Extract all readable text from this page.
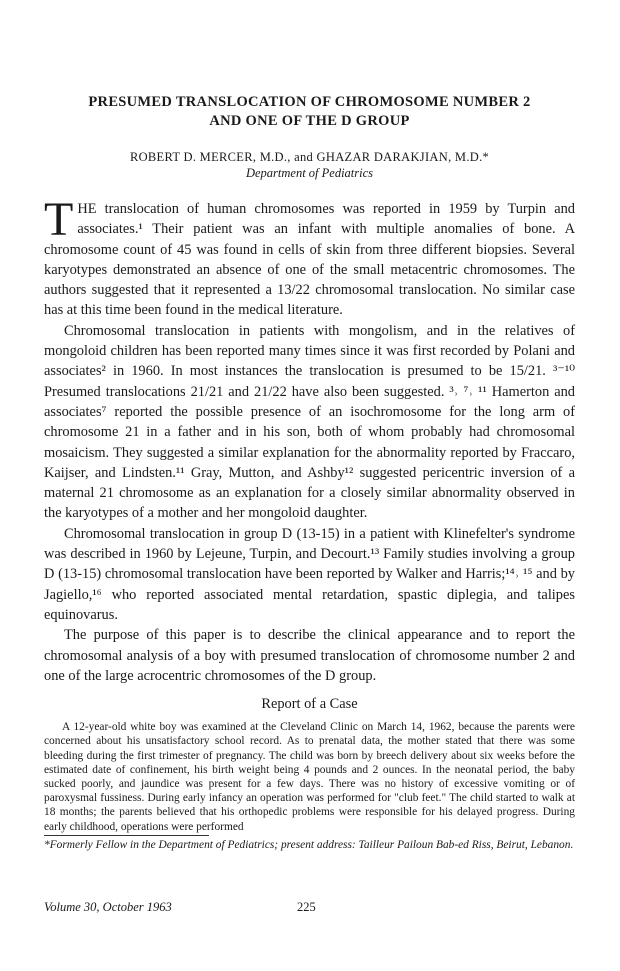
PRESUMED TRANSLOCATION OF CHROMOSOME NUMBER 2
AND ONE OF THE D GROUP
ROBERT D. MERCER, M.D., and GHAZAR DARAKJIAN, M.D.*
Department of Pediatrics

THE translocation of human chromosomes was reported in 1959 by Turpin and associates.¹ Their patient was an infant with multiple anomalies of bone. A chromosome count of 45 was found in cells of skin from three different biopsies. Several karyotypes demonstrated an absence of one of the small metacentric chromosomes. The authors suggested that it represented a 13/22 chromosomal translocation. No similar case has at this time been found in the medical literature.

Chromosomal translocation in patients with mongolism, and in the relatives of mongoloid children has been reported many times since it was first recorded by Polani and associates² in 1960. In most instances the translocation is presumed to be 15/21. ³⁻¹⁰ Presumed translocations 21/21 and 21/22 have also been suggested. ³˒ ⁷˒ ¹¹ Hamerton and associates⁷ reported the possible presence of an isochromosome for the long arm of chromosome 21 in a father and in his son, both of whom probably had chromosomal mosaicism. They suggested a similar explanation for the abnormality reported by Fraccaro, Kaijser, and Lindsten.¹¹ Gray, Mutton, and Ashby¹² suggested pericentric inversion of a maternal 21 chromosome as an explanation for a closely similar abnormality observed in the karyotypes of a mother and her mongoloid daughter.

Chromosomal translocation in group D (13-15) in a patient with Klinefelter's syndrome was described in 1960 by Lejeune, Turpin, and Decourt.¹³ Family studies involving a group D (13-15) chromosomal translocation have been reported by Walker and Harris;¹⁴˒ ¹⁵ and by Jagiello,¹⁶ who reported associated mental retardation, spastic diplegia, and talipes equinovarus.

The purpose of this paper is to describe the clinical appearance and to report the chromosomal analysis of a boy with presumed translocation of chromosome number 2 and one of the large acrocentric chromosomes of the D group.

Report of a Case

A 12-year-old white boy was examined at the Cleveland Clinic on March 14, 1962, because the parents were concerned about his unsatisfactory school record. As to prenatal data, the mother stated that there was some bleeding during the first trimester of pregnancy. The child was born by breech delivery about six weeks before the estimated date of confinement, his birth weight being 4 pounds and 2 ounces. In the neonatal period, the baby sucked poorly, and jaundice was present for a few days. There was no history of excessive vomiting or of paroxysmal fussiness. During early infancy an operation was performed for "club feet." The child started to walk at 18 months; the parents believed that his orthopedic problems were responsible for his delayed progress. During early childhood, operations were performed

*Formerly Fellow in the Department of Pediatrics; present address: Tailleur Pailoun Bab-ed Riss, Beirut, Lebanon.
Volume 30, October 1963	225
